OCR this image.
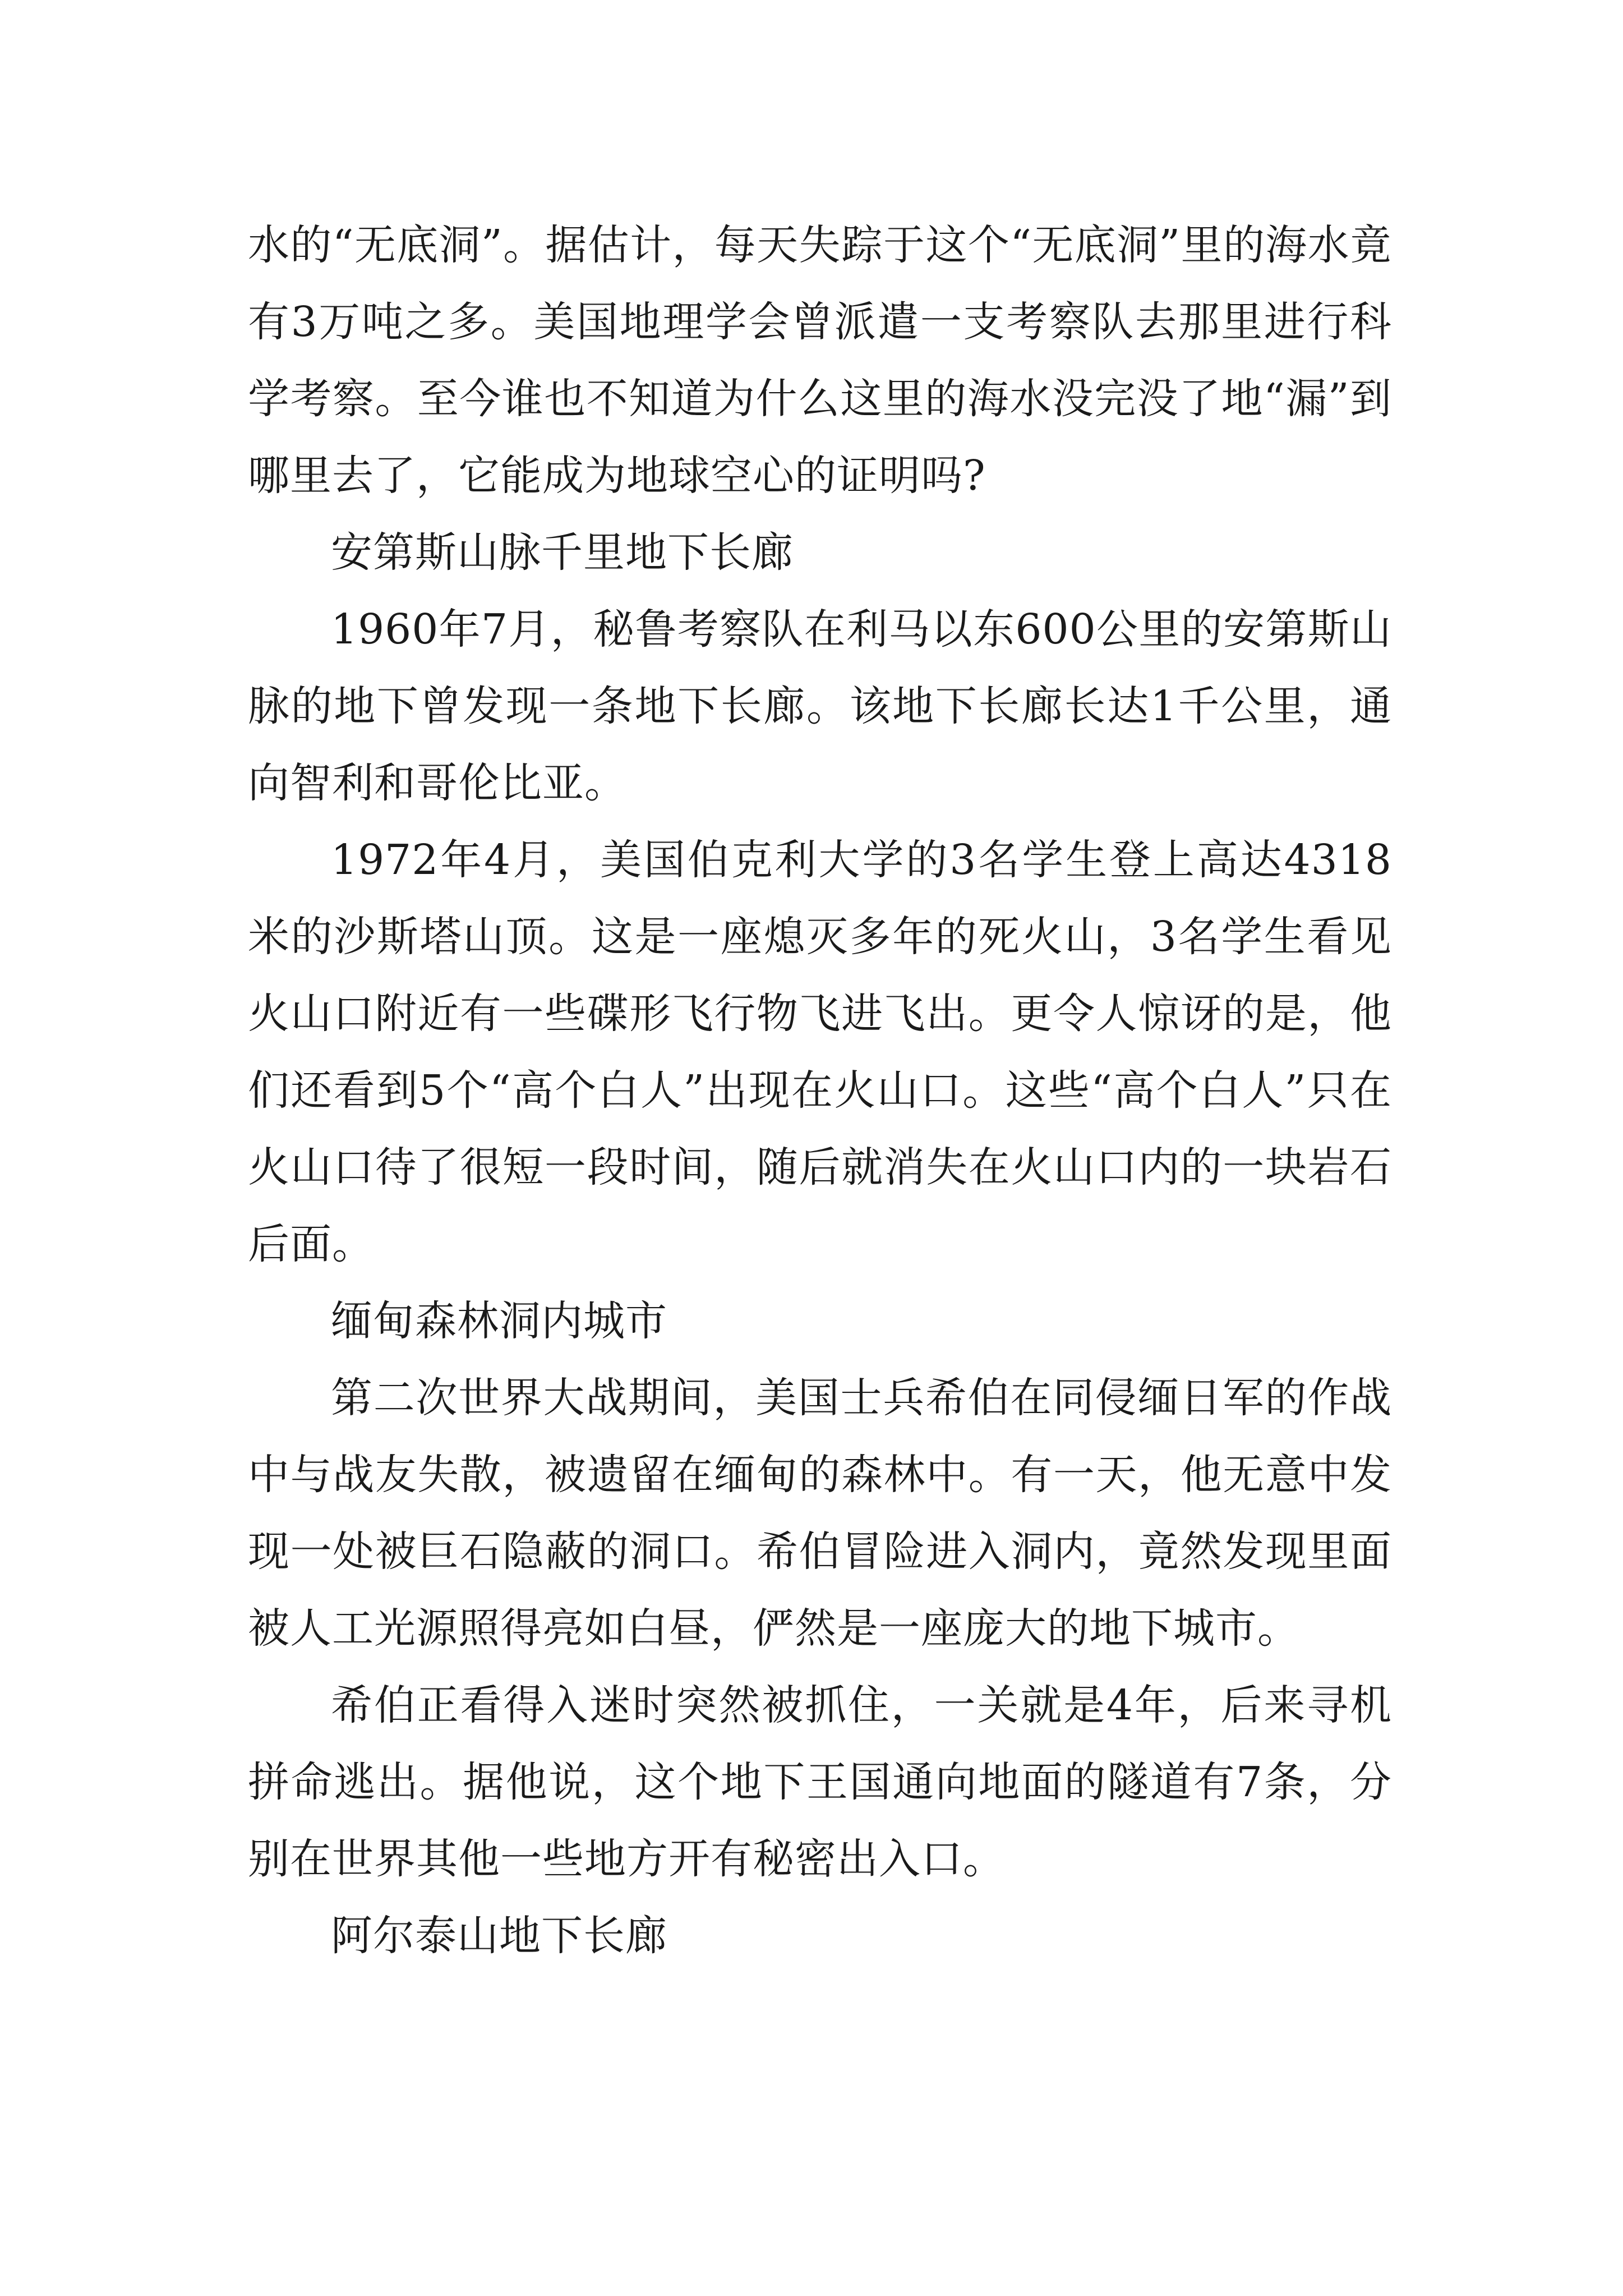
水的“无底洞”。据估计，每天失踪于这个“无底洞”里的海水竟有3万吨之多。美国地理学会曾派遣一支考察队去那里进行科学考察。至今谁也不知道为什么这里的海水没完没了地“漏”到哪里去了，它能成为地球空心的证明吗?

安第斯山脉千里地下长廊

1960年7月，秘鲁考察队在利马以东600公里的安第斯山脉的地下曾发现一条地下长廊。该地下长廊长达1千公里，通向智利和哥伦比亚。

1972年4月，美国伯克利大学的3名学生登上高达4318米的沙斯塔山顶。这是一座熄灭多年的死火山，3名学生看见火山口附近有一些碟形飞行物飞进飞出。更令人惊讶的是，他们还看到5个“高个白人”出现在火山口。这些“高个白人”只在火山口待了很短一段时间，随后就消失在火山口内的一块岩石后面。

缅甸森林洞内城市

第二次世界大战期间，美国士兵希伯在同侵缅日军的作战中与战友失散，被遗留在缅甸的森林中。有一天，他无意中发现一处被巨石隐蔽的洞口。希伯冒险进入洞内，竟然发现里面被人工光源照得亮如白昼，俨然是一座庞大的地下城市。

希伯正看得入迷时突然被抓住，一关就是4年，后来寻机拼命逃出。据他说，这个地下王国通向地面的隧道有7条，分别在世界其他一些地方开有秘密出入口。

阿尔泰山地下长廊
